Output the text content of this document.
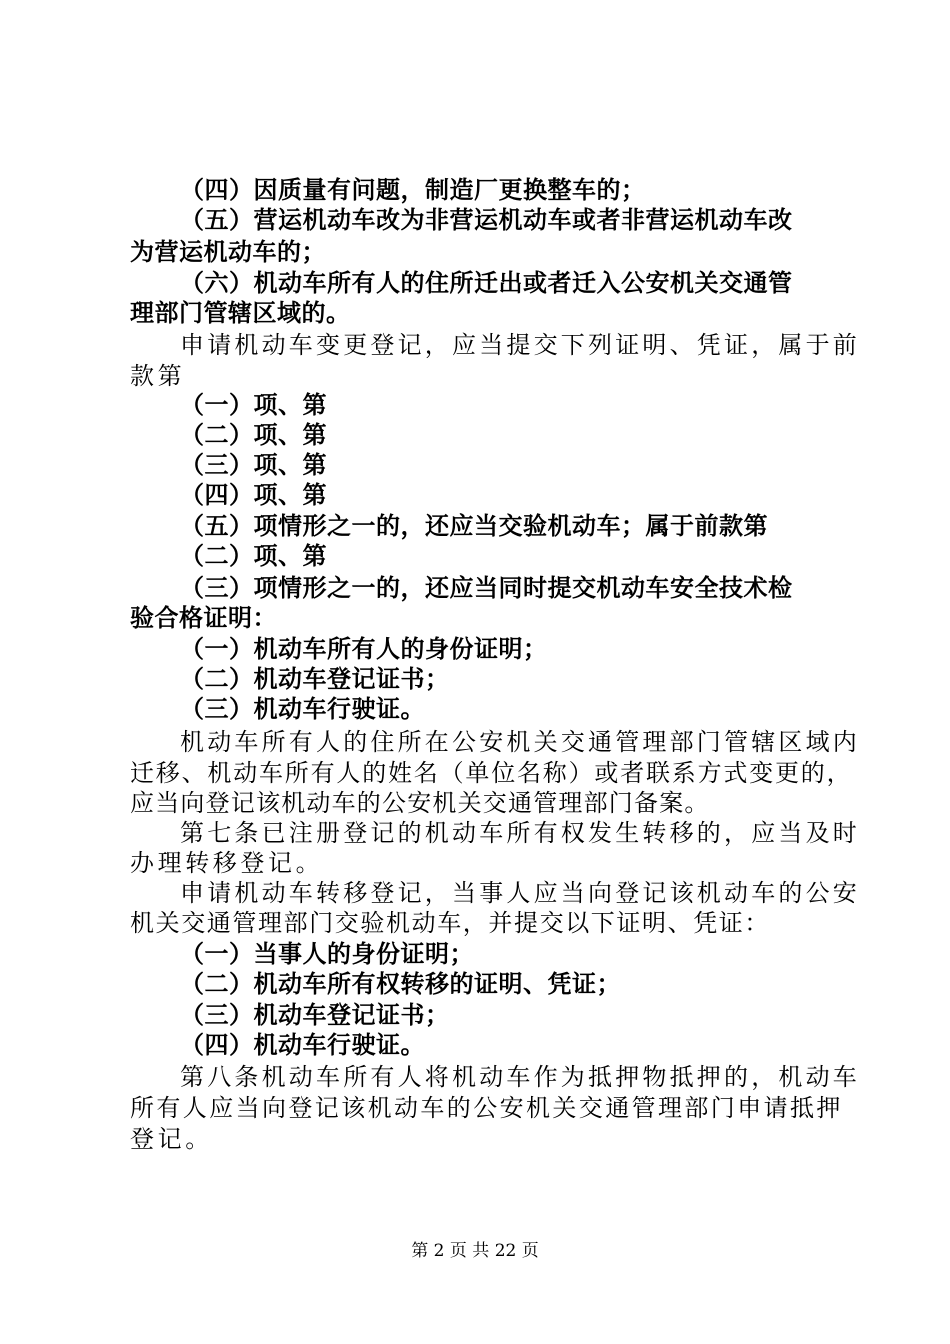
（四）因质量有问题，制造厂更换整车的；
（五）营运机动车改为非营运机动车或者非营运机动车改
为营运机动车的；
（六）机动车所有人的住所迁出或者迁入公安机关交通管
理部门管辖区域的。
申请机动车变更登记，应当提交下列证明、凭证，属于前
款第
（一）项、第
（二）项、第
（三）项、第
（四）项、第
（五）项情形之一的，还应当交验机动车；属于前款第
（二）项、第
（三）项情形之一的，还应当同时提交机动车安全技术检
验合格证明：
（一）机动车所有人的身份证明；
（二）机动车登记证书；
（三）机动车行驶证。
机动车所有人的住所在公安机关交通管理部门管辖区域内
迁移、机动车所有人的姓名（单位名称）或者联系方式变更的，
应当向登记该机动车的公安机关交通管理部门备案。
第七条已注册登记的机动车所有权发生转移的，应当及时
办理转移登记。
申请机动车转移登记，当事人应当向登记该机动车的公安
机关交通管理部门交验机动车，并提交以下证明、凭证：
（一）当事人的身份证明；
（二）机动车所有权转移的证明、凭证；
（三）机动车登记证书；
（四）机动车行驶证。
第八条机动车所有人将机动车作为抵押物抵押的，机动车
所有人应当向登记该机动车的公安机关交通管理部门申请抵押
登记。
第 2 页 共 22 页
